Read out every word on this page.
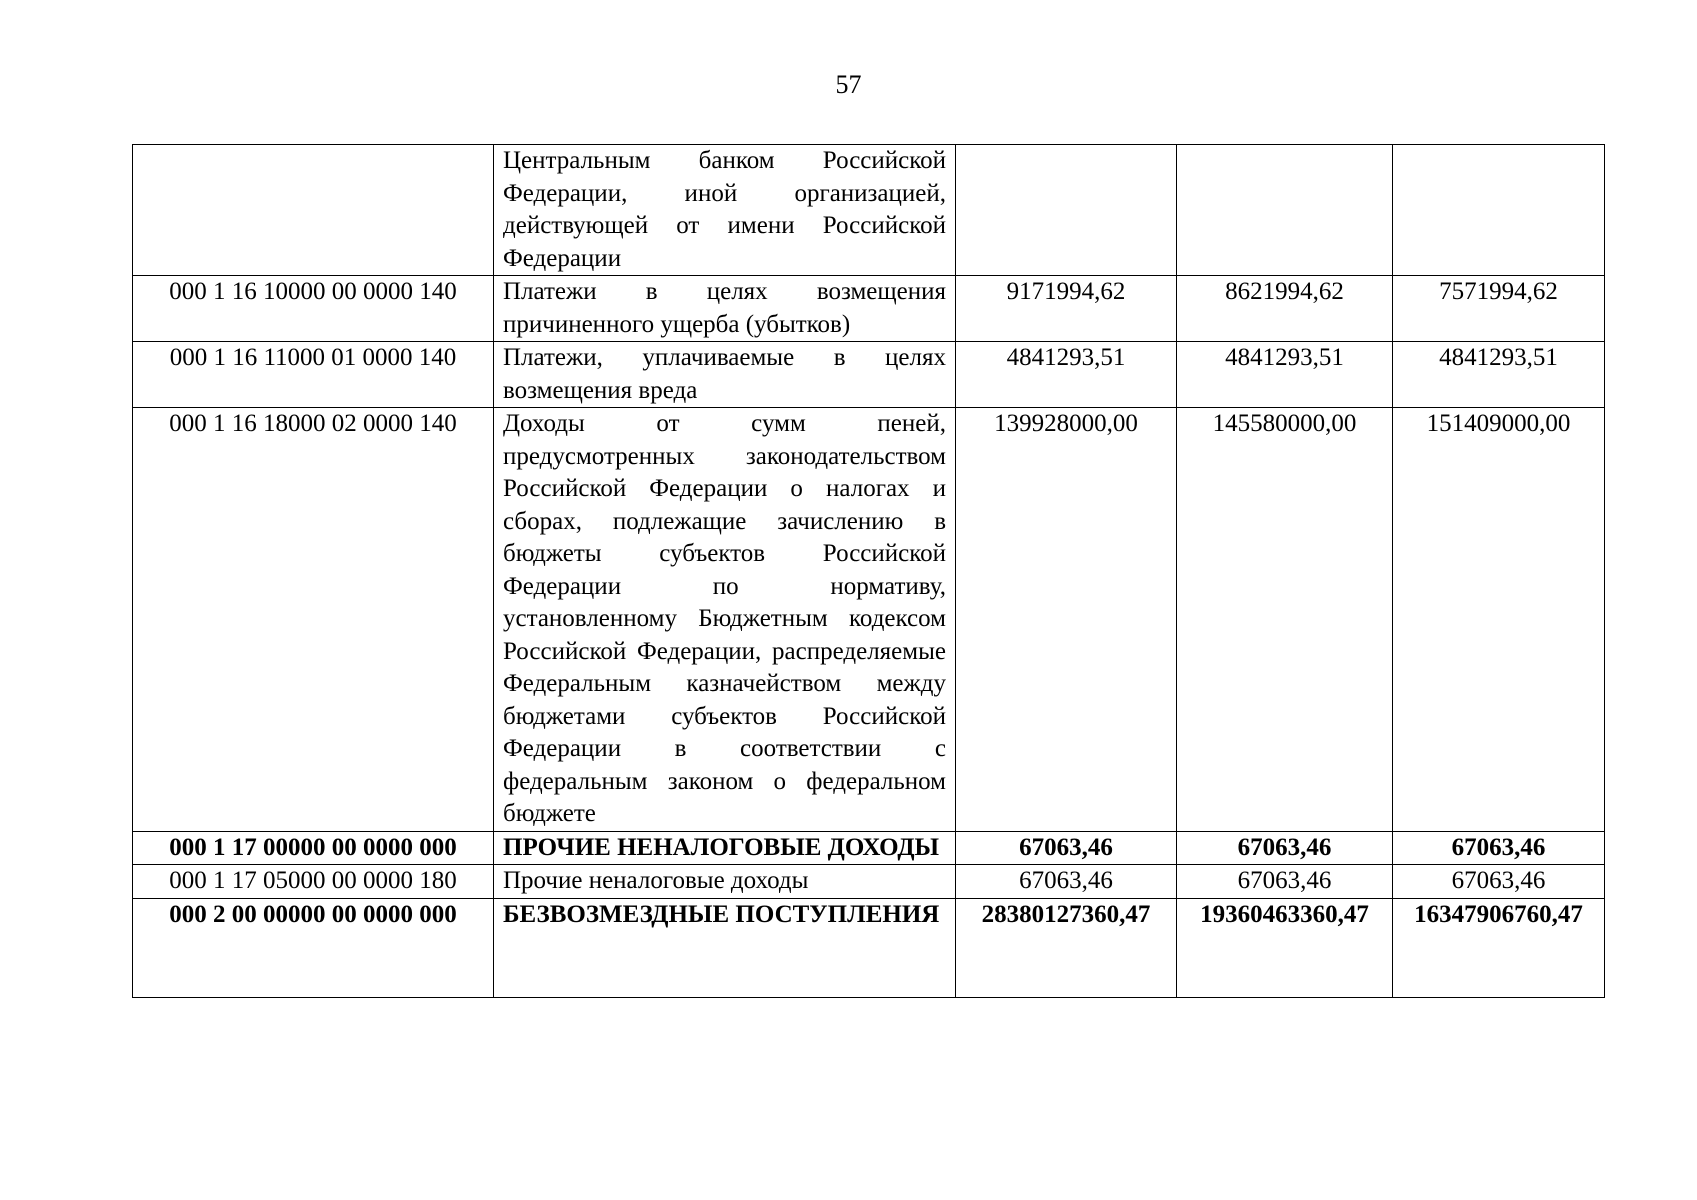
57
	Центральным банком Российской Федерации, иной организацией, действующей от имени Российской Федерации			
000 1 16 10000 00 0000 140	Платежи в целях возмещения причиненного ущерба (убытков)	9171994,62	8621994,62	7571994,62
000 1 16 11000 01 0000 140	Платежи, уплачиваемые в целях возмещения вреда	4841293,51	4841293,51	4841293,51
000 1 16 18000 02 0000 140	Доходы от сумм пеней, предусмотренных законодательством Российской Федерации о налогах и сборах, подлежащие зачислению в бюджеты субъектов Российской Федерации по нормативу, установленному Бюджетным кодексом Российской Федерации, распределяемые Федеральным казначейством между бюджетами субъектов Российской Федерации в соответствии с федеральным законом о федеральном бюджете	139928000,00	145580000,00	151409000,00
000 1 17 00000 00 0000 000	ПРОЧИЕ НЕНАЛОГОВЫЕ ДОХОДЫ	67063,46	67063,46	67063,46
000 1 17 05000 00 0000 180	Прочие неналоговые доходы	67063,46	67063,46	67063,46
000 2 00 00000 00 0000 000	БЕЗВОЗМЕЗДНЫЕ ПОСТУПЛЕНИЯ	28380127360,47	19360463360,47	16347906760,47
